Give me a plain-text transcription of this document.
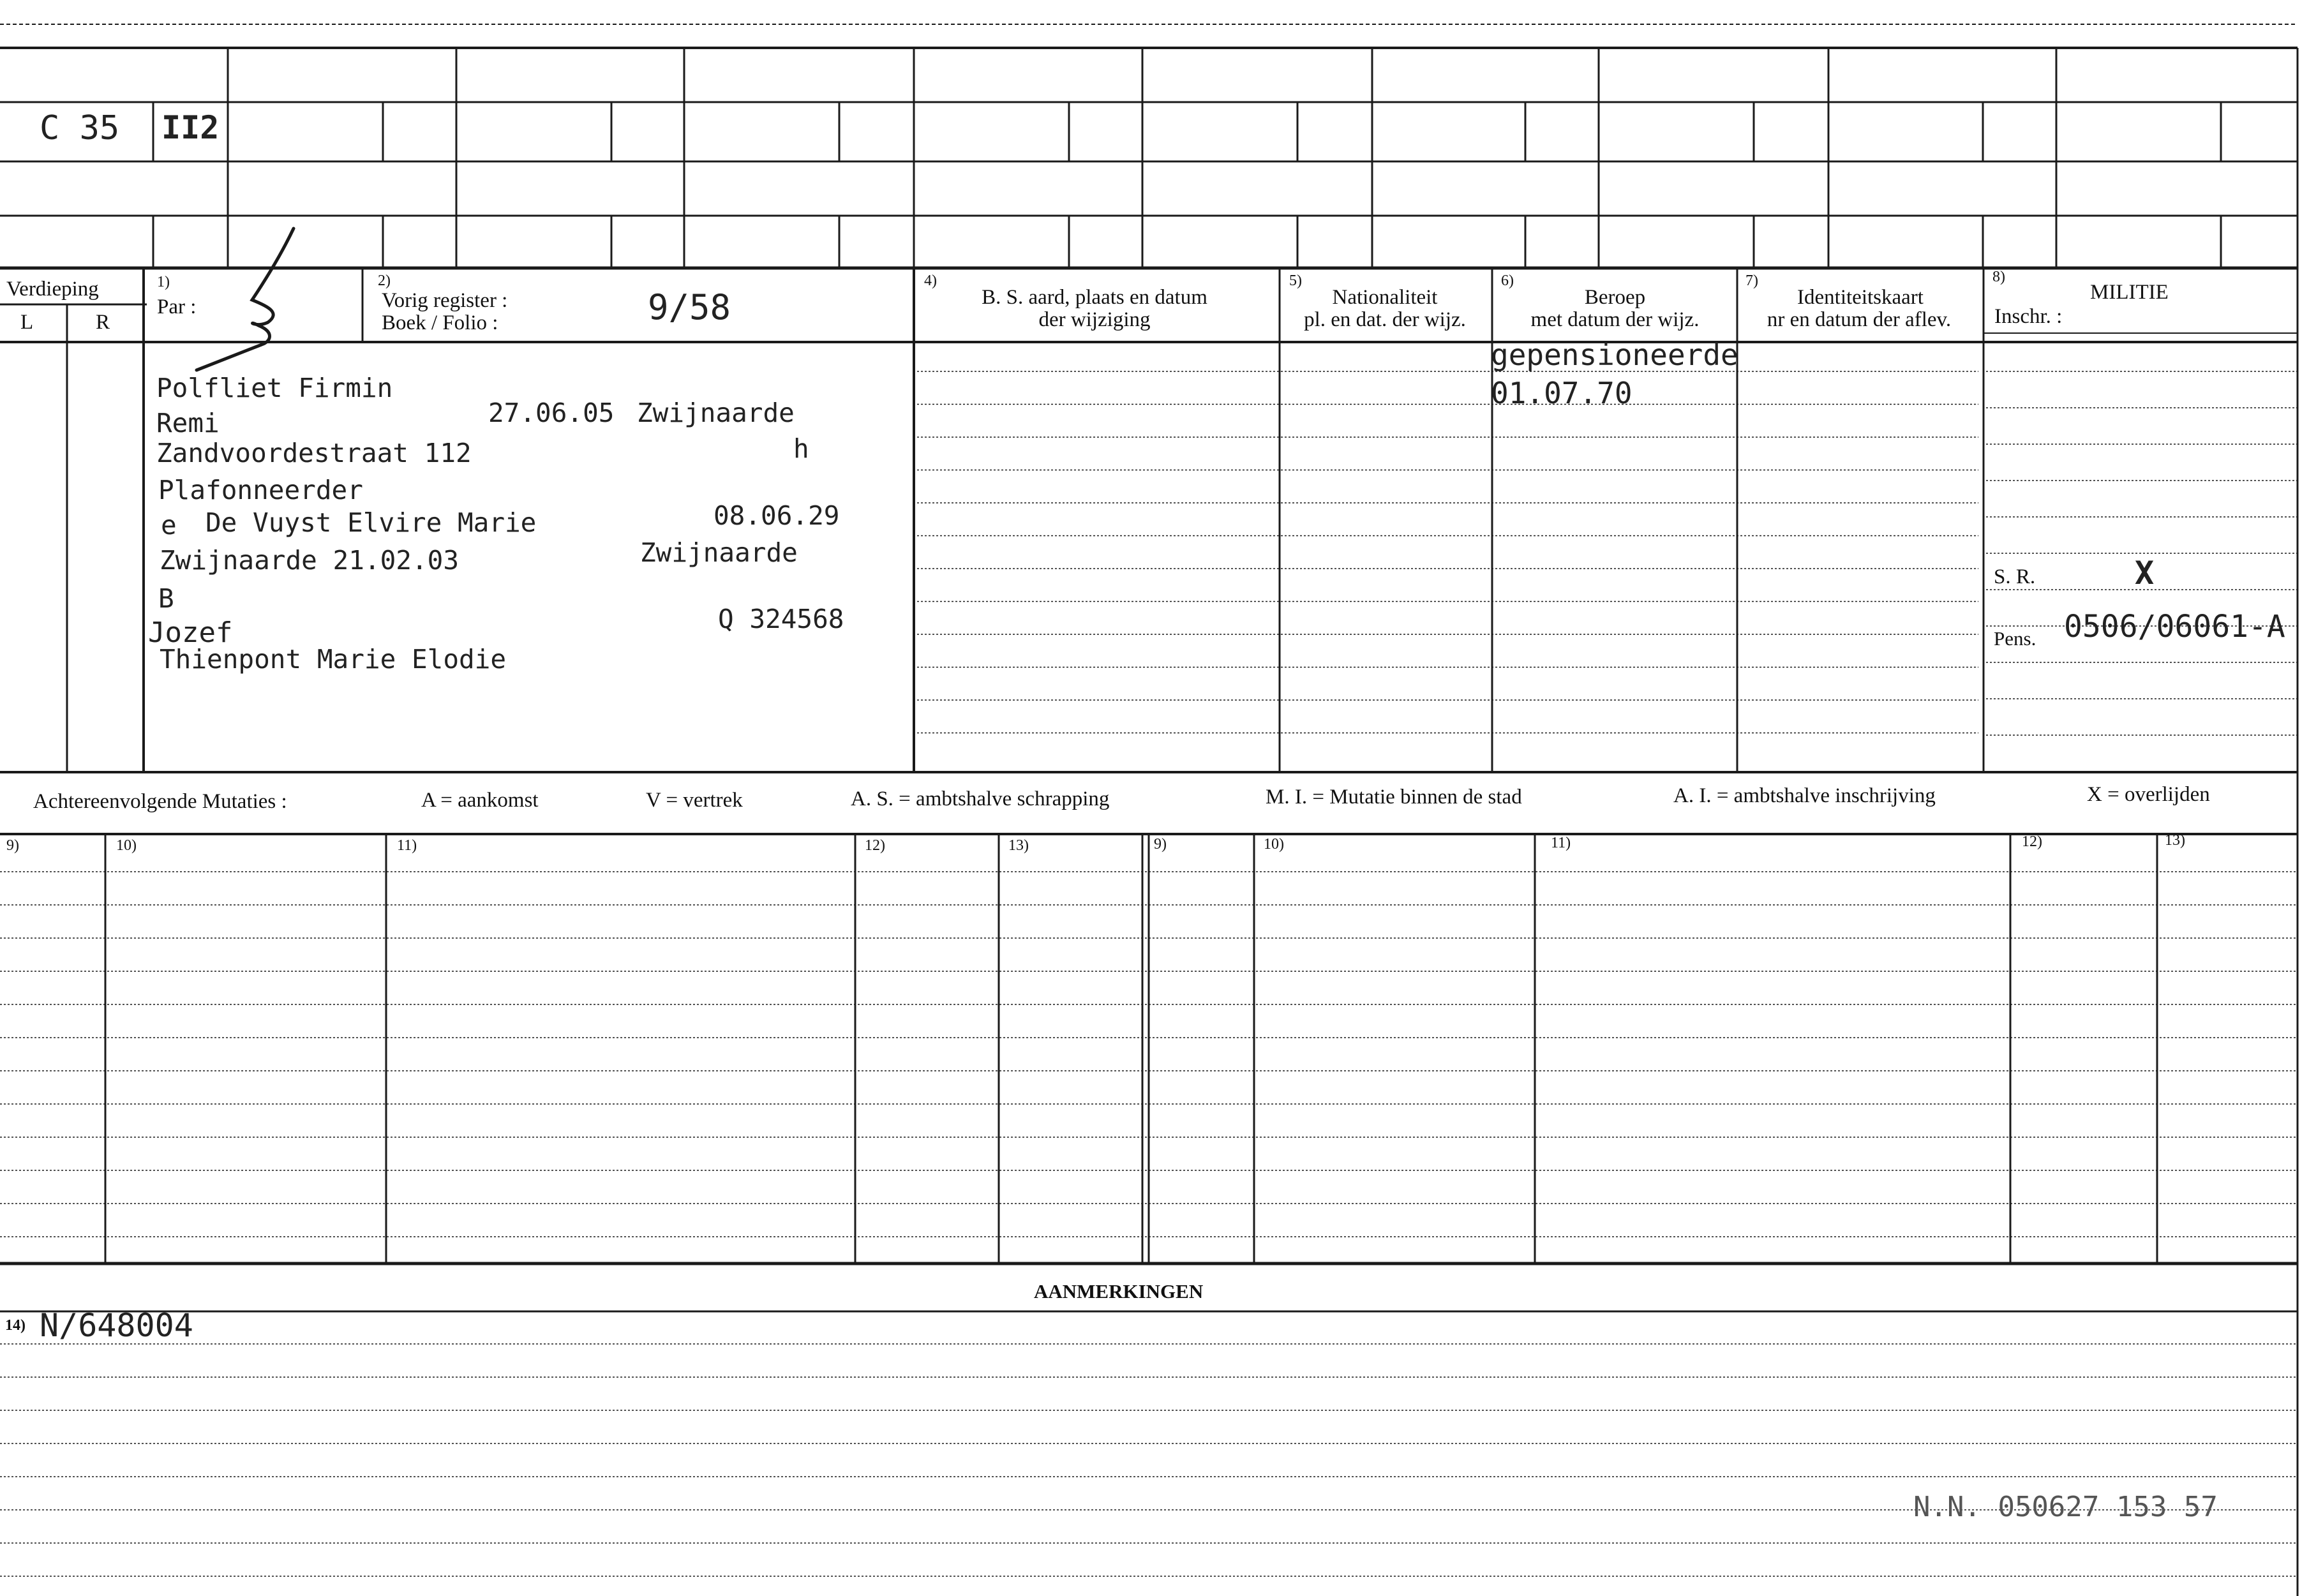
C 35 II2
Verdieping
L	R
1)
Par :
2)
Vorig register :
Boek / Folio :	9/58
4)
B. S. aard, plaats en datum
der wijziging
5)
Nationaliteit
pl. en dat. der wijz.
6)
Beroep
met datum der wijz.
7)
Identiteitskaart
nr en datum der aflev.
8)
MILITIE
Inschr. :
Polfliet Firmin
Remi	27.06.05 Zwijnaarde
Zandvoordestraat 112	h
Plafonneerder
e De Vuyst Elvire Marie	08.06.29
Zwijnaarde 21.02.03	Zwijnaarde
B
Jozef	Q 324568
Thienpont Marie Elodie
gepensioneerde
01.07.70
S. R.	X
Pens. 0506/06061-A
Achtereenvolgende Mutaties :	A = aankomst	V = vertrek	A. S. = ambtshalve schrapping	M. I. = Mutatie binnen de stad	A. I. = ambtshalve inschrijving	X = overlijden
9)	10)	11)	12)	13)	9)	10)	11)	12)	13)
AANMERKINGEN
14) N/648004
N.N. 050627 153 57
